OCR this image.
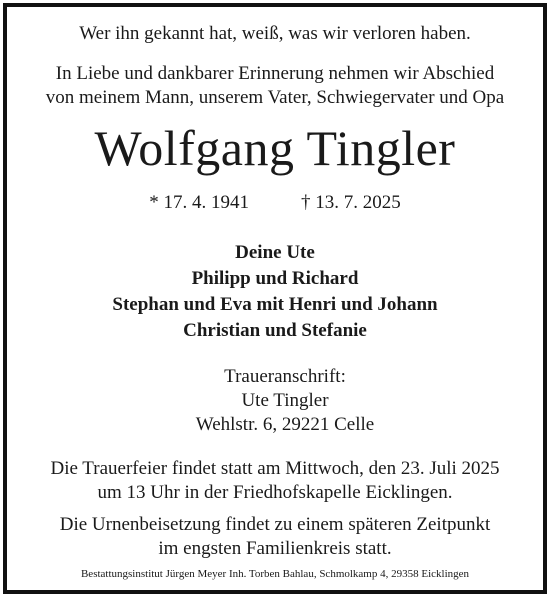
Wer ihn gekannt hat, weiß, was wir verloren haben.
In Liebe und dankbarer Erinnerung nehmen wir Abschied
von meinem Mann, unserem Vater, Schwiegervater und Opa
Wolfgang Tingler
* 17. 4. 1941	† 13. 7. 2025
Deine Ute
Philipp und Richard
Stephan und Eva mit Henri und Johann
Christian und Stefanie
Traueranschrift:
Ute Tingler
Wehlstr. 6, 29221 Celle
Die Trauerfeier findet statt am Mittwoch, den 23. Juli 2025
um 13 Uhr in der Friedhofskapelle Eicklingen.
Die Urnenbeisetzung findet zu einem späteren Zeitpunkt
im engsten Familienkreis statt.
Bestattungsinstitut Jürgen Meyer Inh. Torben Bahlau, Schmolkamp 4, 29358 Eicklingen
